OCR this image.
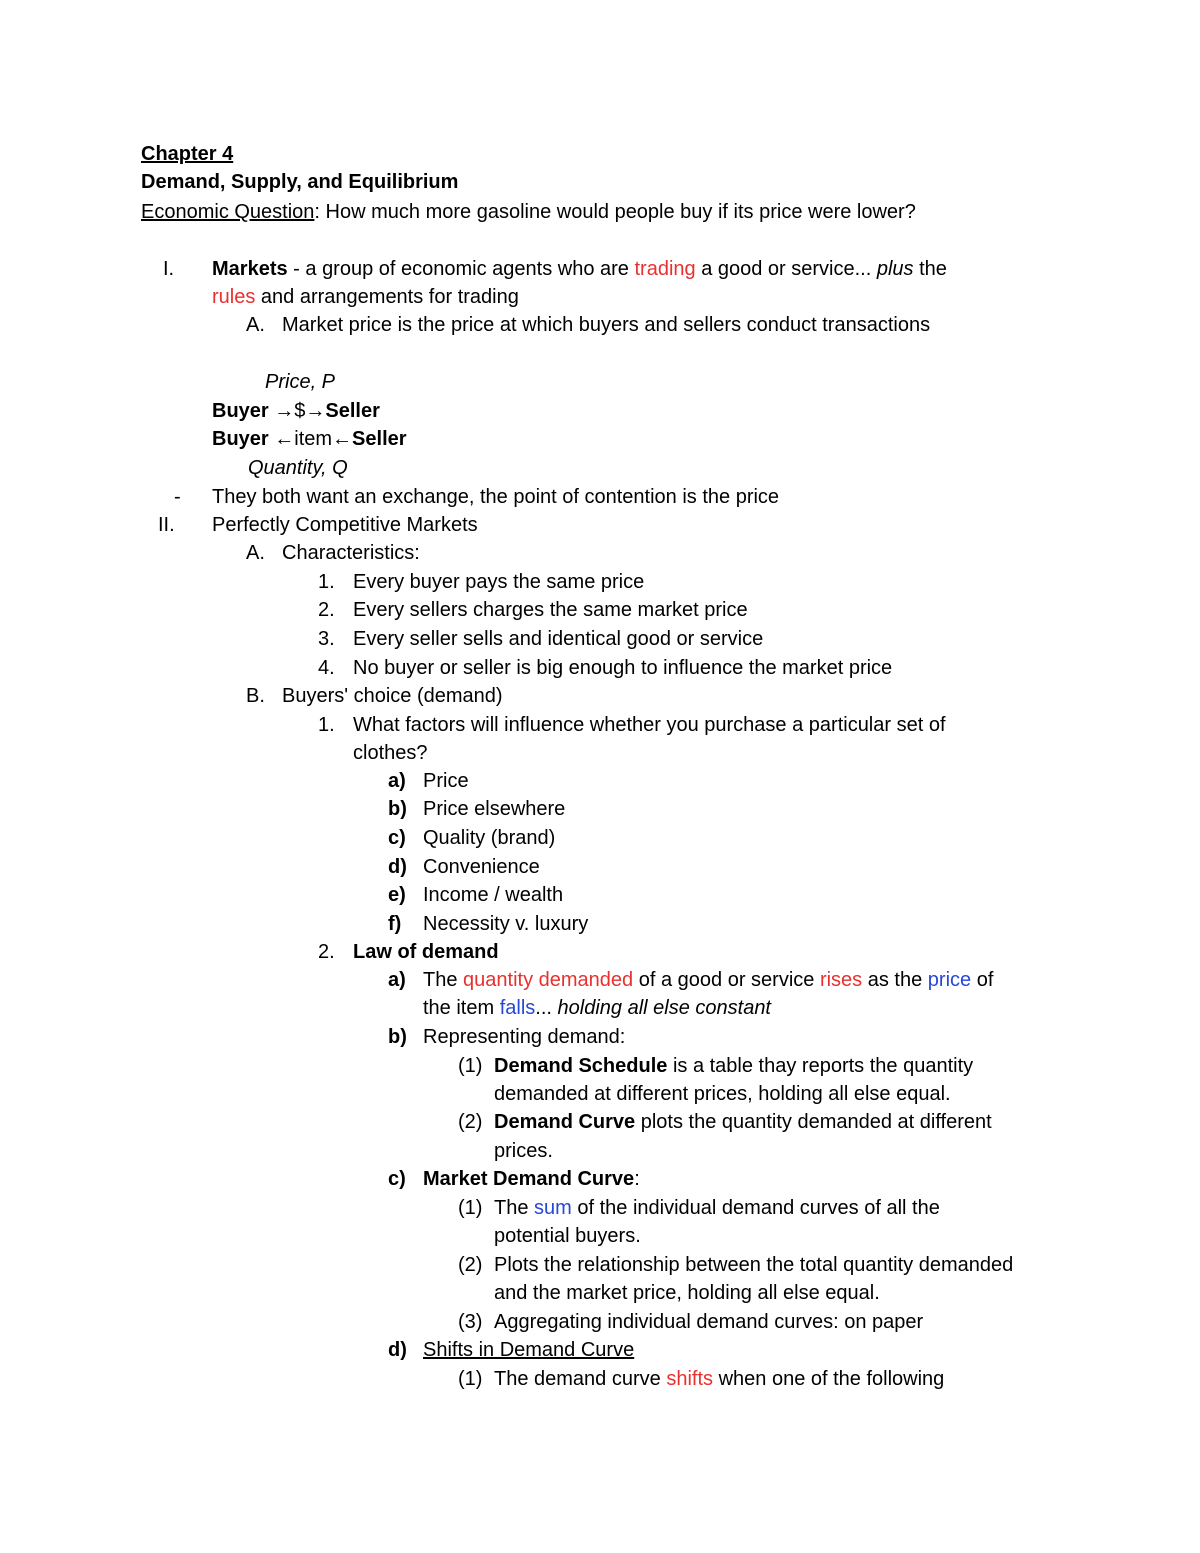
Chapter 4
Demand, Supply, and Equilibrium
Economic Question: How much more gasoline would people buy if its price were lower?
I. Markets - a group of economic agents who are trading a good or service... plus the
rules and arrangements for trading
A. Market price is the price at which buyers and sellers conduct transactions
Price, P
Buyer →$→Seller
Buyer ←item←Seller
Quantity, Q
- They both want an exchange, the point of contention is the price
II. Perfectly Competitive Markets
A. Characteristics:
1. Every buyer pays the same price
2. Every sellers charges the same market price
3. Every seller sells and identical good or service
4. No buyer or seller is big enough to influence the market price
B. Buyers' choice (demand)
1. What factors will influence whether you purchase a particular set of
clothes?
a) Price
b) Price elsewhere
c) Quality (brand)
d) Convenience
e) Income / wealth
f) Necessity v. luxury
2. Law of demand
a) The quantity demanded of a good or service rises as the price of
the item falls... holding all else constant
b) Representing demand:
(1) Demand Schedule is a table thay reports the quantity
demanded at different prices, holding all else equal.
(2) Demand Curve plots the quantity demanded at different
prices.
c) Market Demand Curve:
(1) The sum of the individual demand curves of all the
potential buyers.
(2) Plots the relationship between the total quantity demanded
and the market price, holding all else equal.
(3) Aggregating individual demand curves: on paper
d) Shifts in Demand Curve
(1) The demand curve shifts when one of the following
